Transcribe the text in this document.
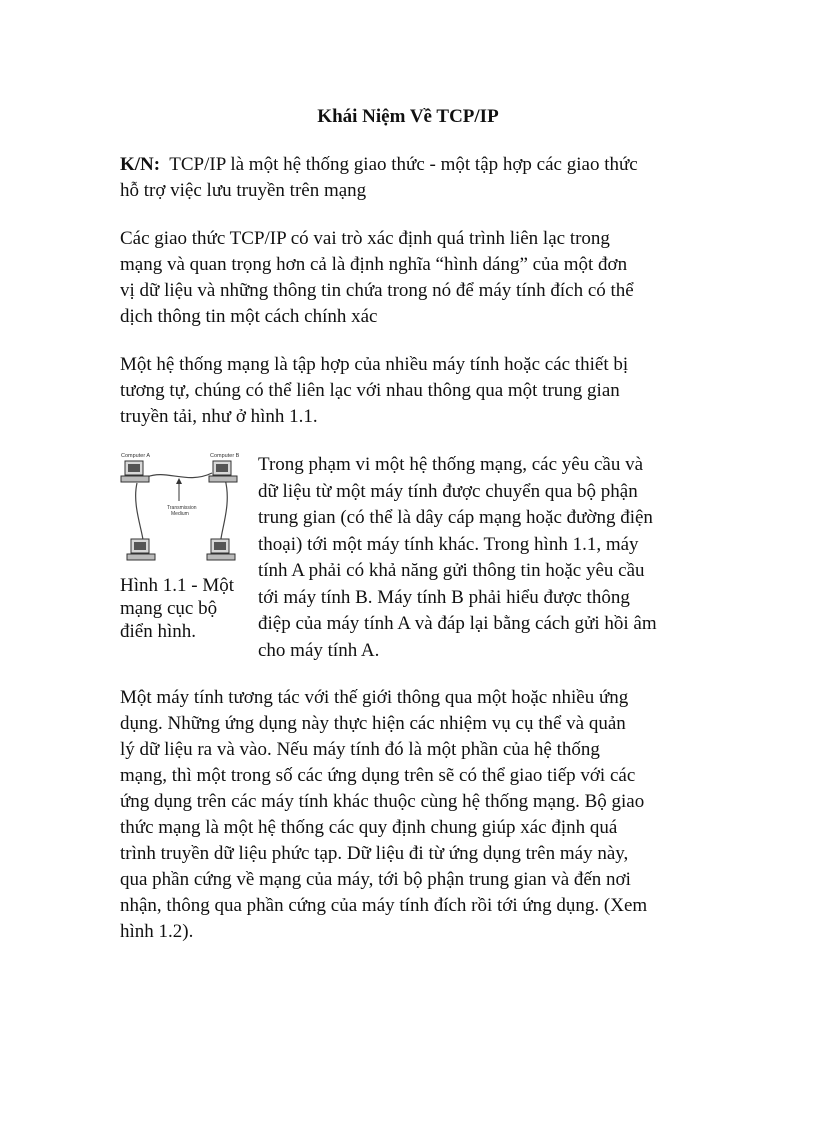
Khái Niệm Về TCP/IP

K/N:  TCP/IP là một hệ thống giao thức - một tập hợp các giao thức
hỗ trợ việc lưu truyền trên mạng

Các giao thức TCP/IP có vai trò xác định quá trình liên lạc trong
mạng và quan trọng hơn cả là định nghĩa “hình dáng” của một đơn
vị dữ liệu và những thông tin chứa trong nó để máy tính đích có thể
dịch thông tin một cách chính xác

Một hệ thống mạng là tập hợp của nhiều máy tính hoặc các thiết bị
tương tự, chúng có thể liên lạc với nhau thông qua một trung gian
truyền tải, như ở hình 1.1.

Computer A	Computer B
Transmission
Medium

Hình 1.1 - Một
mạng cục bộ
điển hình.

Trong phạm vi một hệ thống mạng, các yêu cầu và
dữ liệu từ một máy tính được chuyển qua bộ phận
trung gian (có thể là dây cáp mạng hoặc đường điện
thoại) tới một máy tính khác. Trong hình 1.1, máy
tính A phải có khả năng gửi thông tin hoặc yêu cầu
tới máy tính B. Máy tính B phải hiểu được thông
điệp của máy tính A và đáp lại bằng cách gửi hồi âm
cho máy tính A.

Một máy tính tương tác với thế giới thông qua một hoặc nhiều ứng
dụng. Những ứng dụng này thực hiện các nhiệm vụ cụ thể và quản
lý dữ liệu ra và vào. Nếu máy tính đó là một phần của hệ thống
mạng, thì một trong số các ứng dụng trên sẽ có thể giao tiếp với các
ứng dụng trên các máy tính khác thuộc cùng hệ thống mạng. Bộ giao
thức mạng là một hệ thống các quy định chung giúp xác định quá
trình truyền dữ liệu phức tạp. Dữ liệu đi từ ứng dụng trên máy này,
qua phần cứng về mạng của máy, tới bộ phận trung gian và đến nơi
nhận, thông qua phần cứng của máy tính đích rồi tới ứng dụng. (Xem
hình 1.2).
